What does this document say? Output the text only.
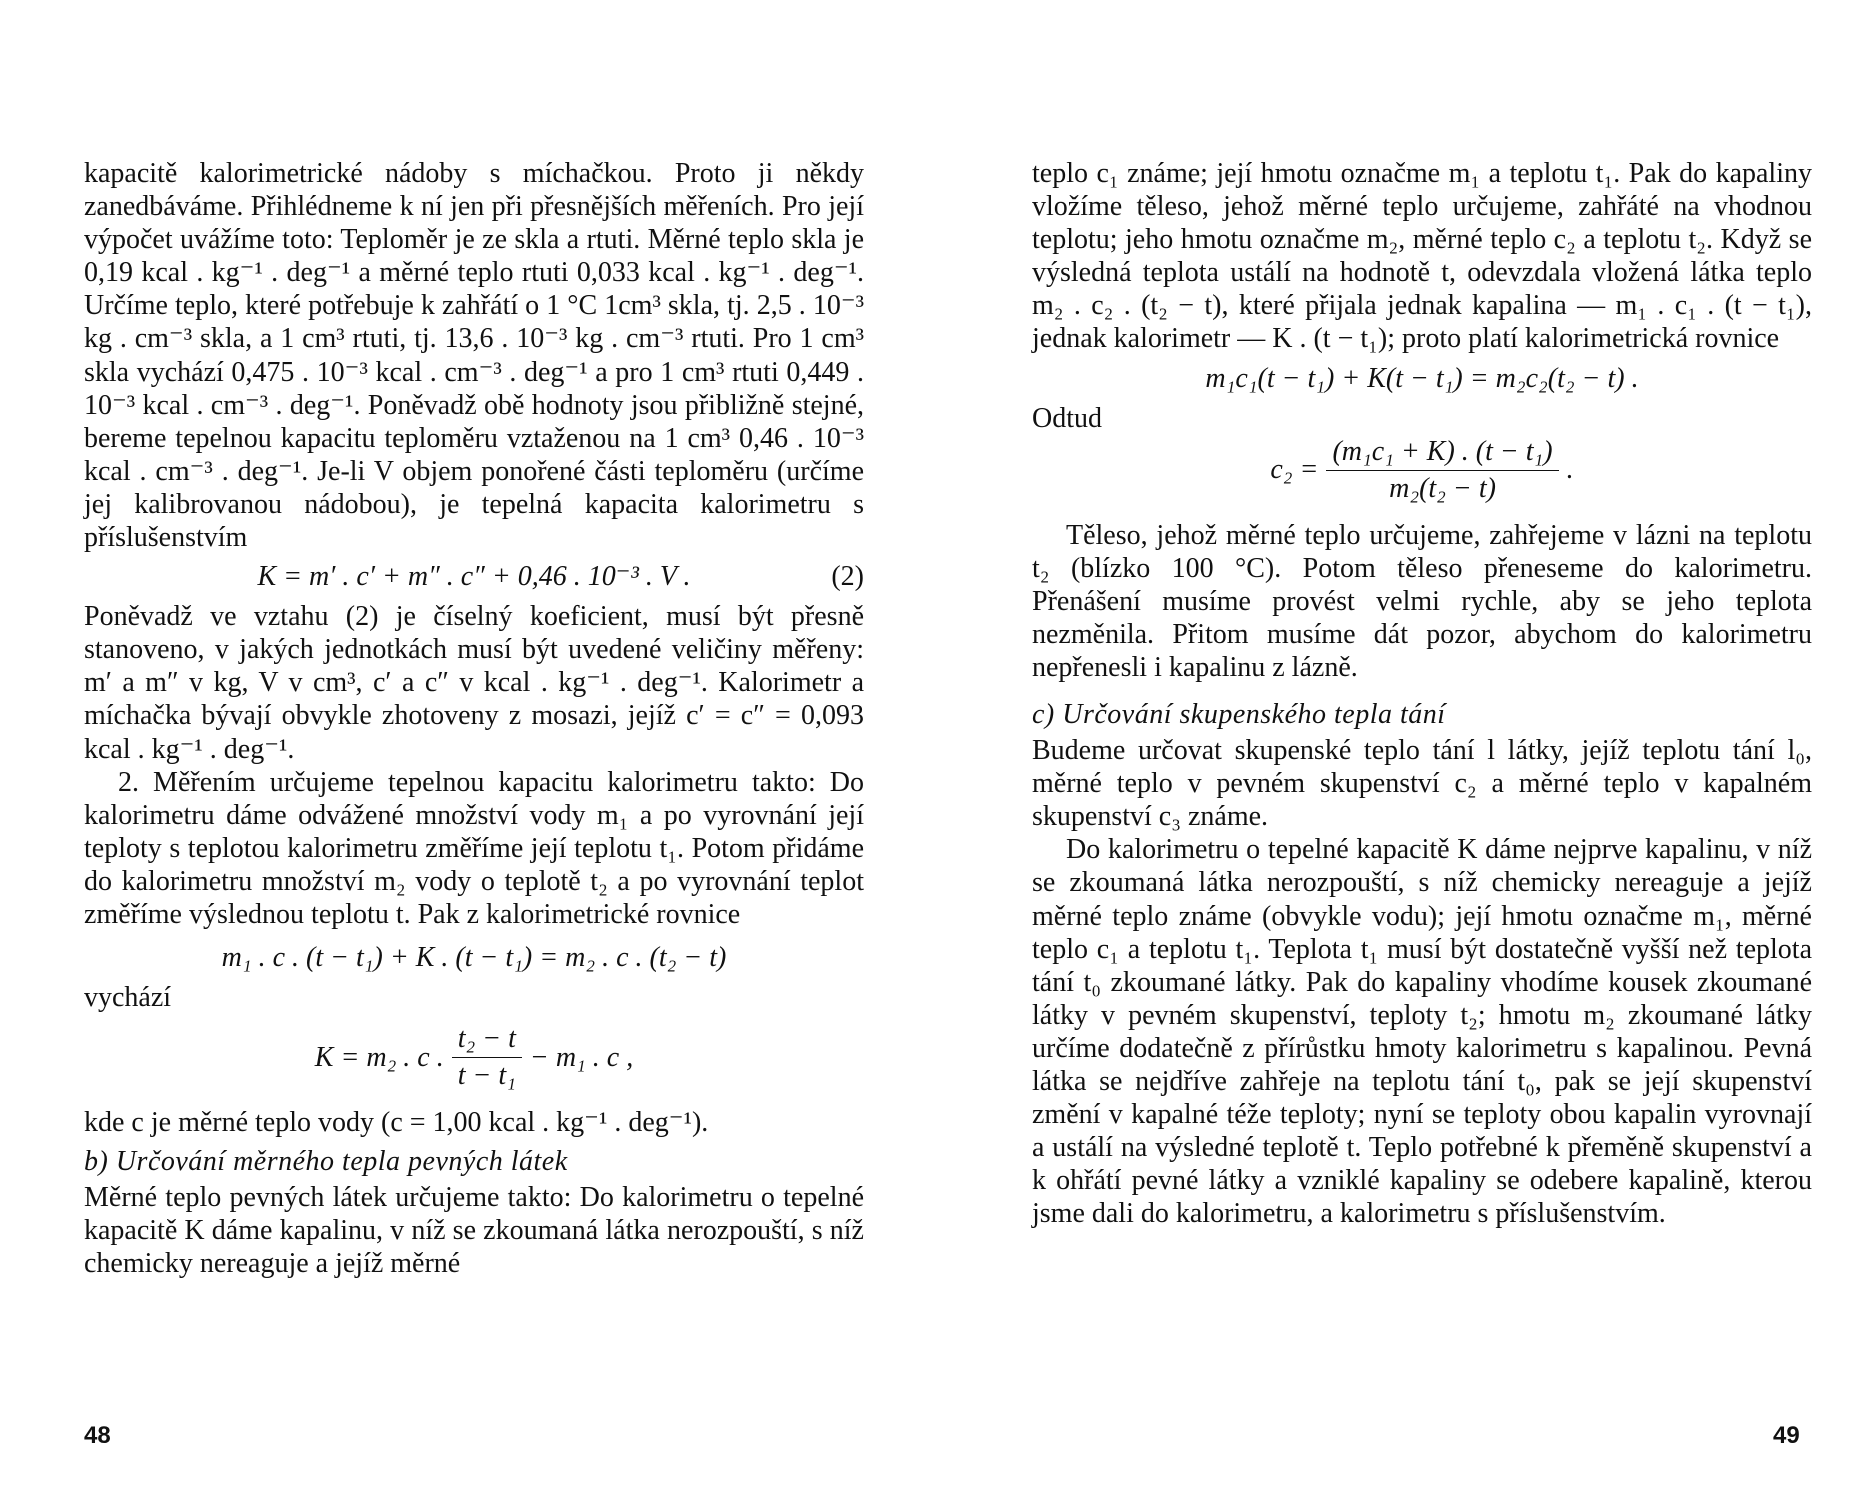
kapacitě kalorimetrické nádoby s míchačkou. Proto ji někdy zanedbáváme. Přihlédneme k ní jen při přesnějších měřeních. Pro její výpočet uvážíme toto: Teploměr je ze skla a rtuti. Měrné teplo skla je 0,19 kcal . kg⁻¹ . deg⁻¹ a měrné teplo rtuti 0,033 kcal . kg⁻¹ . deg⁻¹. Určíme teplo, které potřebuje k zahřátí o 1 °C 1cm³ skla, tj. 2,5 . 10⁻³ kg . cm⁻³ skla, a 1 cm³ rtuti, tj. 13,6 . 10⁻³ kg . cm⁻³ rtuti. Pro 1 cm³ skla vychází 0,475 . 10⁻³ kcal . cm⁻³ . deg⁻¹ a pro 1 cm³ rtuti 0,449 . 10⁻³ kcal . cm⁻³ . deg⁻¹. Poněvadž obě hodnoty jsou přibližně stejné, bereme tepelnou kapacitu teploměru vztaženou na 1 cm³ 0,46 . 10⁻³ kcal . cm⁻³ . deg⁻¹. Je-li V objem ponořené části teploměru (určíme jej kalibrovanou nádobou), je tepelná kapacita kalorimetru s příslušenstvím

K = m′ . c′ + m″ . c″ + 0,46 . 10⁻³ . V .	(2)

Poněvadž ve vztahu (2) je číselný koeficient, musí být přesně stanoveno, v jakých jednotkách musí být uvedené veličiny měřeny: m′ a m″ v kg, V v cm³, c′ a c″ v kcal . kg⁻¹ . deg⁻¹. Kalorimetr a míchačka bývají obvykle zhotoveny z mosazi, jejíž c′ = c″ = 0,093 kcal . kg⁻¹ . deg⁻¹.

2. Měřením určujeme tepelnou kapacitu kalorimetru takto: Do kalorimetru dáme odvážené množství vody m₁ a po vyrovnání její teploty s teplotou kalorimetru změříme její teplotu t₁. Potom přidáme do kalorimetru množství m₂ vody o teplotě t₂ a po vyrovnání teplot změříme výslednou teplotu t. Pak z kalorimetrické rovnice

m₁ . c . (t − t₁) + K . (t − t₁) = m₂ . c . (t₂ − t)
vychází
K = m₂ . c . $\frac{\text{t₂ − t}}{\text{t − t₁}} - m_1$ . c ,

kde c je měrné teplo vody (c = 1,00 kcal . kg⁻¹ . deg⁻¹).

b) Určování měrného tepla pevných látek

Měrné teplo pevných látek určujeme takto: Do kalorimetru o tepelné kapacitě K dáme kapalinu, v níž se zkoumaná látka nerozpouští, s níž chemicky nereaguje a jejíž měrné

48

teplo c₁ známe; její hmotu označme m₁ a teplotu t₁. Pak do kapaliny vložíme těleso, jehož měrné teplo určujeme, zahřáté na vhodnou teplotu; jeho hmotu označme m₂, měrné teplo c₂ a teplotu t₂. Když se výsledná teplota ustálí na hodnotě t, odevzdala vložená látka teplo m₂ . c₂ . (t₂ − t), které přijala jednak kapalina — m₁ . c₁ . (t − t₁), jednak kalorimetr — K . (t − t₁); proto platí kalorimetrická rovnice

m₁c₁(t − t₁) + K(t − t₁) = m₂c₂(t₂ − t) .
Odtud
$c_2 = \frac{\text{(m₁c₁ + K) . (t − t₁)}}{\text{m₂(t₂ − t)}}$ .

Těleso, jehož měrné teplo určujeme, zahřejeme v lázni na teplotu t₂ (blízko 100 °C). Potom těleso přeneseme do kalorimetru. Přenášení musíme provést velmi rychle, aby se jeho teplota nezměnila. Přitom musíme dát pozor, abychom do kalorimetru nepřenesli i kapalinu z lázně.

c) Určování skupenského tepla tání

Budeme určovat skupenské teplo tání l látky, jejíž teplotu tání l₀, měrné teplo v pevném skupenství c₂ a měrné teplo v kapalném skupenství c₃ známe.

Do kalorimetru o tepelné kapacitě K dáme nejprve kapalinu, v níž se zkoumaná látka nerozpouští, s níž chemicky nereaguje a jejíž měrné teplo známe (obvykle vodu); její hmotu označme m₁, měrné teplo c₁ a teplotu t₁. Teplota t₁ musí být dostatečně vyšší než teplota tání t₀ zkoumané látky. Pak do kapaliny vhodíme kousek zkoumané látky v pevném skupenství, teploty t₂; hmotu m₂ zkoumané látky určíme dodatečně z přírůstku hmoty kalorimetru s kapalinou. Pevná látka se nejdříve zahřeje na teplotu tání t₀, pak se její skupenství změní v kapalné téže teploty; nyní se teploty obou kapalin vyrovnají a ustálí na výsledné teplotě t. Teplo potřebné k přeměně skupenství a k ohřátí pevné látky a vzniklé kapaliny se odebere kapalině, kterou jsme dali do kalorimetru, a kalorimetru s příslušenstvím.

49
